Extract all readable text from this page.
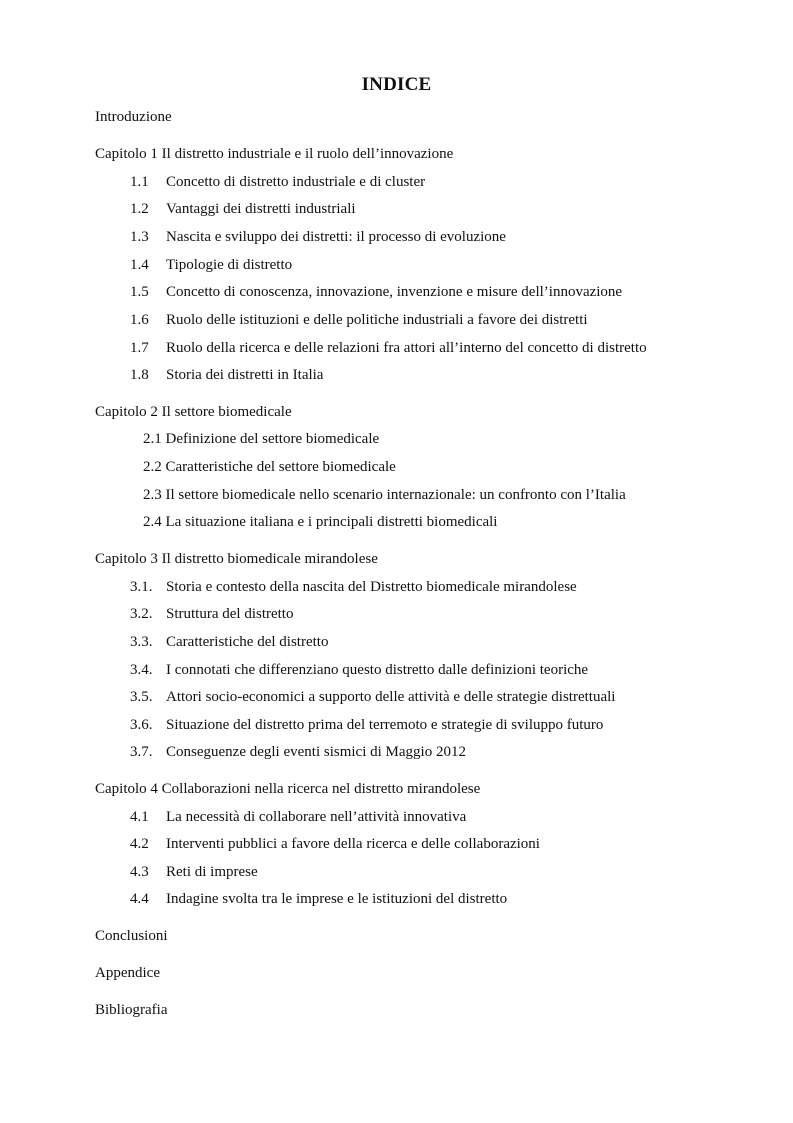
INDICE
Introduzione
Capitolo 1 Il distretto industriale e il ruolo dell’innovazione
1.1 Concetto di distretto industriale e di cluster
1.2 Vantaggi dei distretti industriali
1.3 Nascita e sviluppo dei distretti: il processo di evoluzione
1.4 Tipologie di distretto
1.5 Concetto di conoscenza, innovazione, invenzione e misure dell’innovazione
1.6 Ruolo delle istituzioni e delle politiche industriali a favore dei distretti
1.7 Ruolo della ricerca e delle relazioni fra attori all’interno del concetto di distretto
1.8 Storia dei distretti in Italia
Capitolo 2 Il settore biomedicale
2.1 Definizione del settore biomedicale
2.2 Caratteristiche del settore biomedicale
2.3 Il settore biomedicale nello scenario internazionale: un confronto con l’Italia
2.4 La situazione italiana e i principali distretti biomedicali
Capitolo 3 Il distretto biomedicale mirandolese
3.1. Storia e contesto della nascita del Distretto biomedicale mirandolese
3.2. Struttura del distretto
3.3. Caratteristiche del distretto
3.4. I connotati che differenziano questo distretto dalle definizioni teoriche
3.5. Attori socio-economici a supporto delle attività e delle strategie distrettuali
3.6. Situazione del distretto prima del terremoto e strategie di sviluppo futuro
3.7. Conseguenze degli eventi sismici di Maggio 2012
Capitolo 4 Collaborazioni nella ricerca nel distretto mirandolese
4.1 La necessità di collaborare nell’attività innovativa
4.2 Interventi pubblici a favore della ricerca e delle collaborazioni
4.3 Reti di imprese
4.4 Indagine svolta tra le imprese e le istituzioni del distretto
Conclusioni
Appendice
Bibliografia
